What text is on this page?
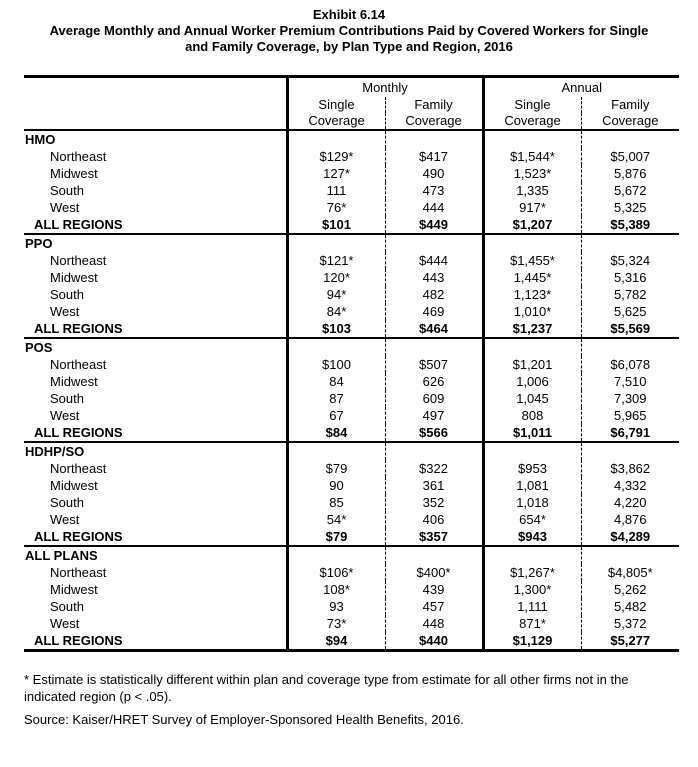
Exhibit 6.14
Average Monthly and Annual Worker Premium Contributions Paid by Covered Workers for Single
and Family Coverage, by Plan Type and Region, 2016
	Monthly		Annual	
	Single	Family	Single	Family
	Coverage	Coverage	Coverage	Coverage
HMO				
Northeast	$129*	$417	$1,544*	$5,007
Midwest	127*	490	1,523*	5,876
South	111	473	1,335	5,672
West	76*	444	917*	5,325
ALL REGIONS	$101	$449	$1,207	$5,389
PPO				
Northeast	$121*	$444	$1,455*	$5,324
Midwest	120*	443	1,445*	5,316
South	94*	482	1,123*	5,782
West	84*	469	1,010*	5,625
ALL REGIONS	$103	$464	$1,237	$5,569
POS				
Northeast	$100	$507	$1,201	$6,078
Midwest	84	626	1,006	7,510
South	87	609	1,045	7,309
West	67	497	808	5,965
ALL REGIONS	$84	$566	$1,011	$6,791
HDHP/SO				
Northeast	$79	$322	$953	$3,862
Midwest	90	361	1,081	4,332
South	85	352	1,018	4,220
West	54*	406	654*	4,876
ALL REGIONS	$79	$357	$943	$4,289
ALL PLANS				
Northeast	$106*	$400*	$1,267*	$4,805*
Midwest	108*	439	1,300*	5,262
South	93	457	1,111	5,482
West	73*	448	871*	5,372
ALL REGIONS	$94	$440	$1,129	$5,277
* Estimate is statistically different within plan and coverage type from estimate for all other firms not in the indicated region (p < .05).
Source: Kaiser/HRET Survey of Employer-Sponsored Health Benefits, 2016.
